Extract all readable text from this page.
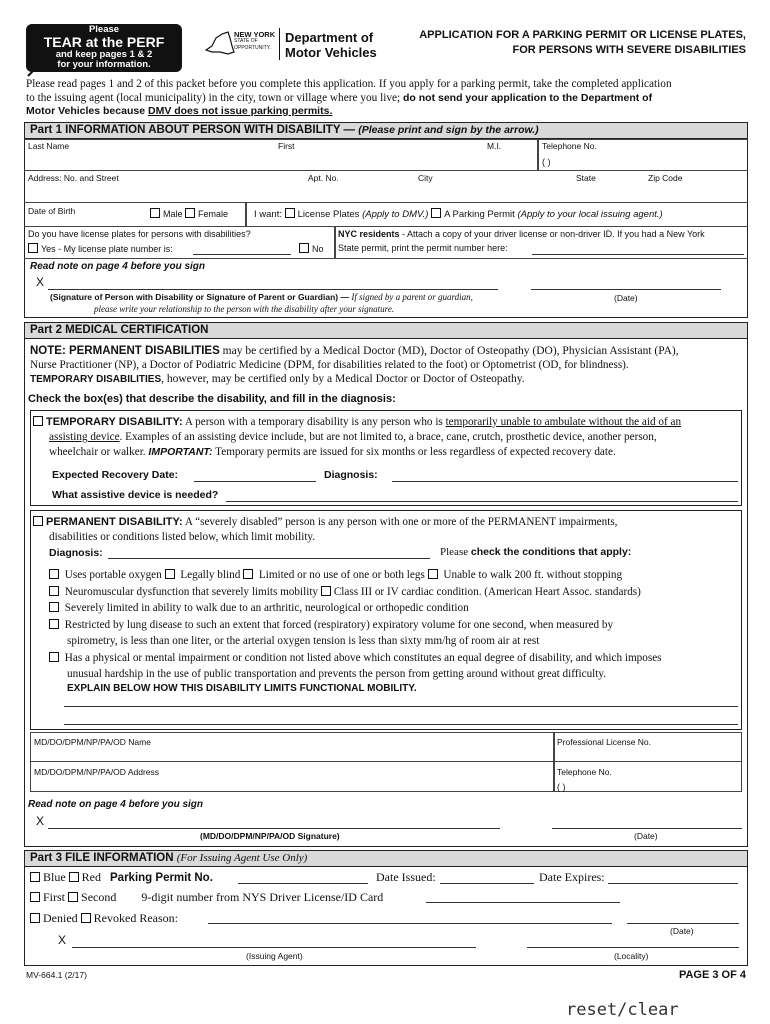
Please
TEAR at the PERF
and keep pages 1 & 2
for your information.
NEW YORK
STATE OF
OPPORTUNITY.
Department of
Motor Vehicles
APPLICATION FOR A PARKING PERMIT OR LICENSE PLATES,
FOR PERSONS WITH SEVERE DISABILITIES
Please read pages 1 and 2 of this packet before you complete this application. If you apply for a parking permit, take the completed application
to the issuing agent (local municipality) in the city, town or village where you live; do not send your application to the Department of
Motor Vehicles because DMV does not issue parking permits.
Part 1 INFORMATION ABOUT PERSON WITH DISABILITY — (Please print and sign by the arrow.)
Last Name	First	M.I.	Telephone No.
( )
Address: No. and Street	Apt. No.	City	State	Zip Code
Date of Birth	Male Female	I want: License Plates (Apply to DMV.) A Parking Permit (Apply to your local issuing agent.)
Do you have license plates for persons with disabilities?
Yes - My license plate number is:	No
NYC residents - Attach a copy of your driver license or non-driver ID. If you had a New York
State permit, print the permit number here:
Read note on page 4 before you sign
X
(Signature of Person with Disability or Signature of Parent or Guardian) — If signed by a parent or guardian,
please write your relationship to the person with the disability after your signature.
(Date)
Part 2 MEDICAL CERTIFICATION
NOTE: PERMANENT DISABILITIES may be certified by a Medical Doctor (MD), Doctor of Osteopathy (DO), Physician Assistant (PA),
Nurse Practitioner (NP), a Doctor of Podiatric Medicine (DPM, for disabilities related to the foot) or Optometrist (OD, for blindness).
TEMPORARY DISABILITIES, however, may be certified only by a Medical Doctor or Doctor of Osteopathy.
Check the box(es) that describe the disability, and fill in the diagnosis:
TEMPORARY DISABILITY: A person with a temporary disability is any person who is temporarily unable to ambulate without the aid of an
assisting device. Examples of an assisting device include, but are not limited to, a brace, cane, crutch, prosthetic device, another person,
wheelchair or walker. IMPORTANT: Temporary permits are issued for six months or less regardless of expected recovery date.
Expected Recovery Date:	Diagnosis:
What assistive device is needed?
PERMANENT DISABILITY: A “severely disabled” person is any person with one or more of the PERMANENT impairments,
disabilities or conditions listed below, which limit mobility.
Diagnosis:	Please check the conditions that apply:
Uses portable oxygen Legally blind Limited or no use of one or both legs Unable to walk 200 ft. without stopping
Neuromuscular dysfunction that severely limits mobility Class III or IV cardiac condition. (American Heart Assoc. standards)
Severely limited in ability to walk due to an arthritic, neurological or orthopedic condition
Restricted by lung disease to such an extent that forced (respiratory) expiratory volume for one second, when measured by
spirometry, is less than one liter, or the arterial oxygen tension is less than sixty mm/hg of room air at rest
Has a physical or mental impairment or condition not listed above which constitutes an equal degree of disability, and which imposes
unusual hardship in the use of public transportation and prevents the person from getting around without great difficulty.
EXPLAIN BELOW HOW THIS DISABILITY LIMITS FUNCTIONAL MOBILITY.
MD/DO/DPM/NP/PA/OD Name	Professional License No.
MD/DO/DPM/NP/PA/OD Address	Telephone No.
( )
Read note on page 4 before you sign
X
(MD/DO/DPM/NP/PA/OD Signature)	(Date)
Part 3 FILE INFORMATION (For Issuing Agent Use Only)
Blue Red Parking Permit No.	Date Issued:	Date Expires:
First Second 9-digit number from NYS Driver License/ID Card
Denied Revoked Reason:
(Date)
X
(Issuing Agent)	(Locality)
MV-664.1 (2/17)	PAGE 3 OF 4
reset/clear
